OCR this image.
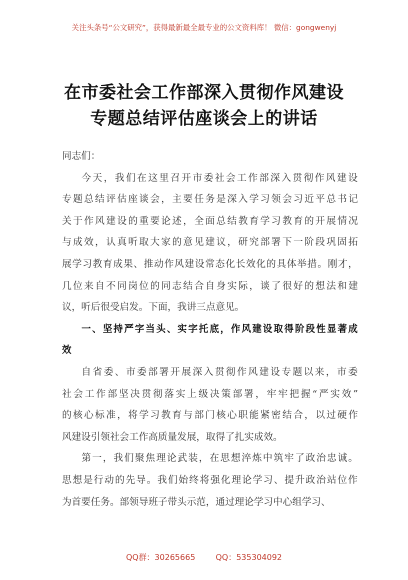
关注头条号“公文研究”，获得最新最全最专业的公文资料库！ 微信：gongwenyj
在市委社会工作部深入贯彻作风建设
专题总结评估座谈会上的讲话
同志们：
今 天 ， 我 们 在 这 里 召 开 市 委 社 会 工 作 部 深 入 贯 彻 作 风 建 设
专 题 总 结 评 估 座 谈 会 ， 主 要 任 务 是 深 入 学 习 领 会 习 近 平 总 书 记
关 于 作 风 建 设 的 重 要 论 述 ， 全 面 总 结 教 育 学 习 教 育 的 开 展 情 况
与 成 效 ， 认 真 听 取 大 家 的 意 见 建 议 ， 研 究 部 署 下 一 阶 段 巩 固 拓
展 学 习 教 育 成 果 、 推 动 作 风 建 设 常 态 化 长 效 化 的 具 体 举 措 。 刚 才 ，
几 位 来 自 不 同 岗 位 的 同 志 结 合 自 身 实 际 ， 谈 了 很 好 的 想 法 和 建
议，听后很受启发。下面，我讲三点意见。
一 、 坚 持 严 字 当 头 、 实 字 托 底 ， 作 风 建 设 取 得 阶 段 性 显 著 成
效
自 省 委 、 市 委 部 署 开 展 深 入 贯 彻 作 风 建 设 专 题 以 来 ， 市 委
社 会 工 作 部 坚 决 贯 彻 落 实 上 级 决 策 部 署 ， 牢 牢 把 握 “ 严 实 效 ”
的 核 心 标 准 ， 将 学 习 教 育 与 部 门 核 心 职 能 紧 密 结 合 ， 以 过 硬 作
风建设引领社会工作高质量发展，取得了扎实成效。
第 一 ， 我 们 聚 焦 理 论 武 装 ， 在 思 想 淬 炼 中 筑 牢 了 政 治 忠 诚 。
思 想 是 行 动 的 先 导 。 我 们 始 终 将 强 化 理 论 学 习 、 提 升 政 治 站 位 作
为首要任务。部领导班子带头示范，通过理论学习中心组学习、
QQ群：30265665        QQ：535304092
